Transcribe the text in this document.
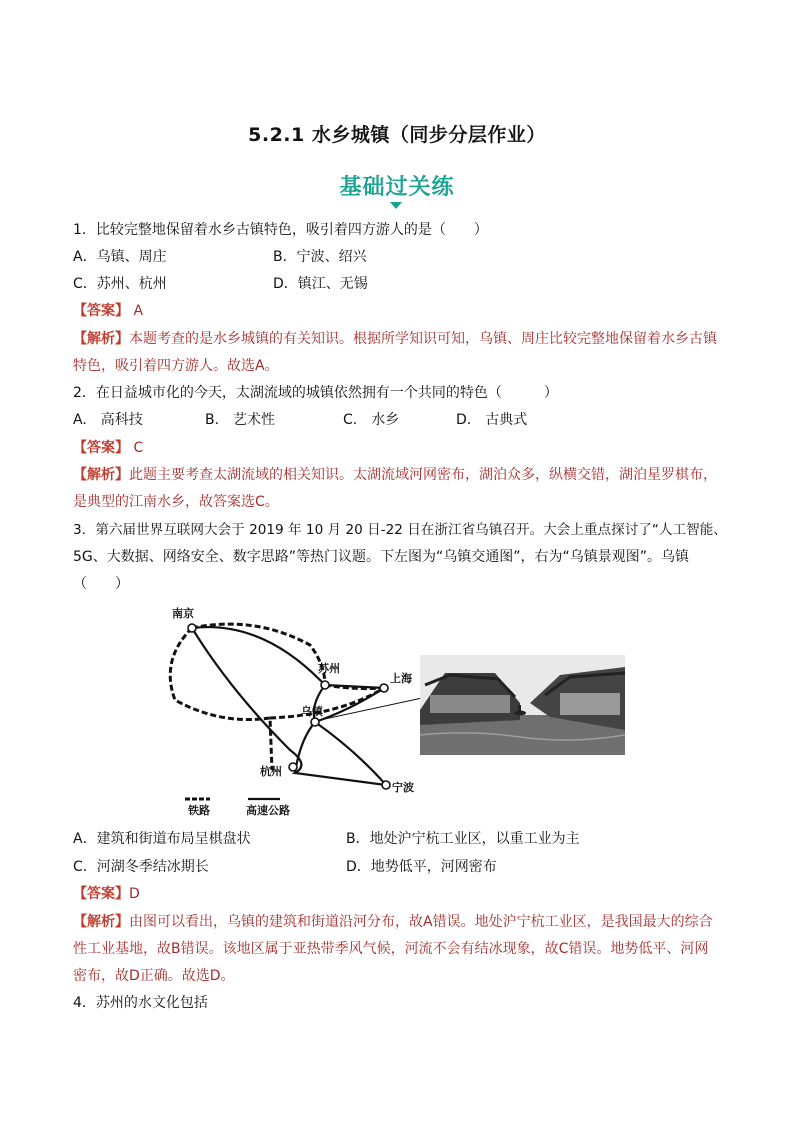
5.2.1 水乡城镇（同步分层作业）
基础过关练
1．比较完整地保留着水乡古镇特色，吸引着四方游人的是（　　）
A．乌镇、周庄	B．宁波、绍兴
C．苏州、杭州	D．镇江、无锡
【答案】 A
【解析】本题考查的是水乡城镇的有关知识。根据所学知识可知，乌镇、周庄比较完整地保留着水乡古镇
特色，吸引着四方游人。故选A。
2．在日益城市化的今天，太湖流域的城镇依然拥有一个共同的特色（　　　）
A.　高科技	B.　艺术性	C.　水乡	D.　古典式
【答案】 C
【解析】此题主要考查太湖流域的相关知识。太湖流域河网密布，湖泊众多，纵横交错，湖泊星罗棋布，
是典型的江南水乡，故答案选C。
3．第六届世界互联网大会于 2019 年 10 月 20 日-22 日在浙江省乌镇召开。大会上重点探讨了“人工智能、
5G、大数据、网络安全、数字思路”等热门议题。下左图为“乌镇交通图”，右为“乌镇景观图”。乌镇
（　　）
南京
苏州
上海
乌镇
杭州
宁波
铁路	高速公路
A．建筑和街道布局呈棋盘状	B．地处沪宁杭工业区，以重工业为主
C．河湖冬季结冰期长	D．地势低平，河网密布
【答案】D
【解析】由图可以看出，乌镇的建筑和街道沿河分布，故A错误。地处沪宁杭工业区，是我国最大的综合
性工业基地，故B错误。该地区属于亚热带季风气候，河流不会有结冰现象，故C错误。地势低平、河网
密布，故D正确。故选D。
4．苏州的水文化包括
